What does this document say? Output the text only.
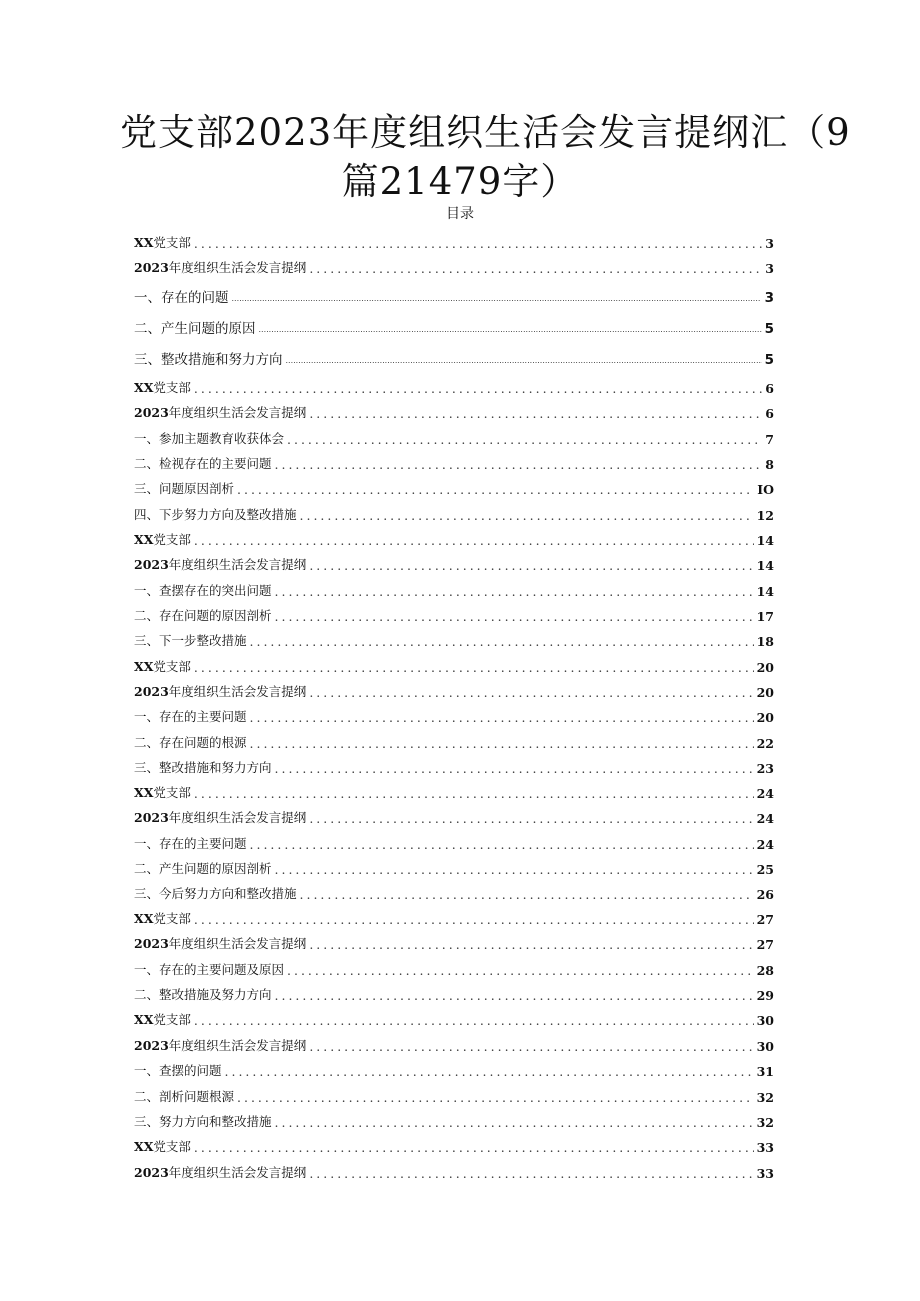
党支部2023年度组织生活会发言提纲汇（9
篇21479字）
目录
XX党支部 .....	3
2023年度组织生活会发言提纲 .....	3
一、存在的问题 .....	3
二、产生问题的原因 .....	5
三、整改措施和努力方向 .....	5
XX党支部 .....	6
2023年度组织生活会发言提纲 .....	6
一、参加主题教育收获体会 .....	7
二、检视存在的主要问题 .....	8
三、问题原因剖析 .....	IO
四、下步努力方向及整改措施 .....	12
XX党支部 .....	14
2023年度组织生活会发言提纲 .....	14
一、查摆存在的突出问题 .....	14
二、存在问题的原因剖析 .....	17
三、下一步整改措施 .....	18
XX党支部 .....	20
2023年度组织生活会发言提纲 .....	20
一、存在的主要问题 .....	20
二、存在问题的根源 .....	22
三、整改措施和努力方向 .....	23
XX党支部 .....	24
2023年度组织生活会发言提纲 .....	24
一、存在的主要问题 .....	24
二、产生问题的原因剖析 .....	25
三、今后努力方向和整改措施 .....	26
XX党支部 .....	27
2023年度组织生活会发言提纲 .....	27
一、存在的主要问题及原因 .....	28
二、整改措施及努力方向 .....	29
XX党支部 .....	30
2023年度组织生活会发言提纲 .....	30
一、查摆的问题 .....	31
二、剖析问题根源 .....	32
三、努力方向和整改措施 .....	32
XX党支部 .....	33
2023年度组织生活会发言提纲 .....	33
